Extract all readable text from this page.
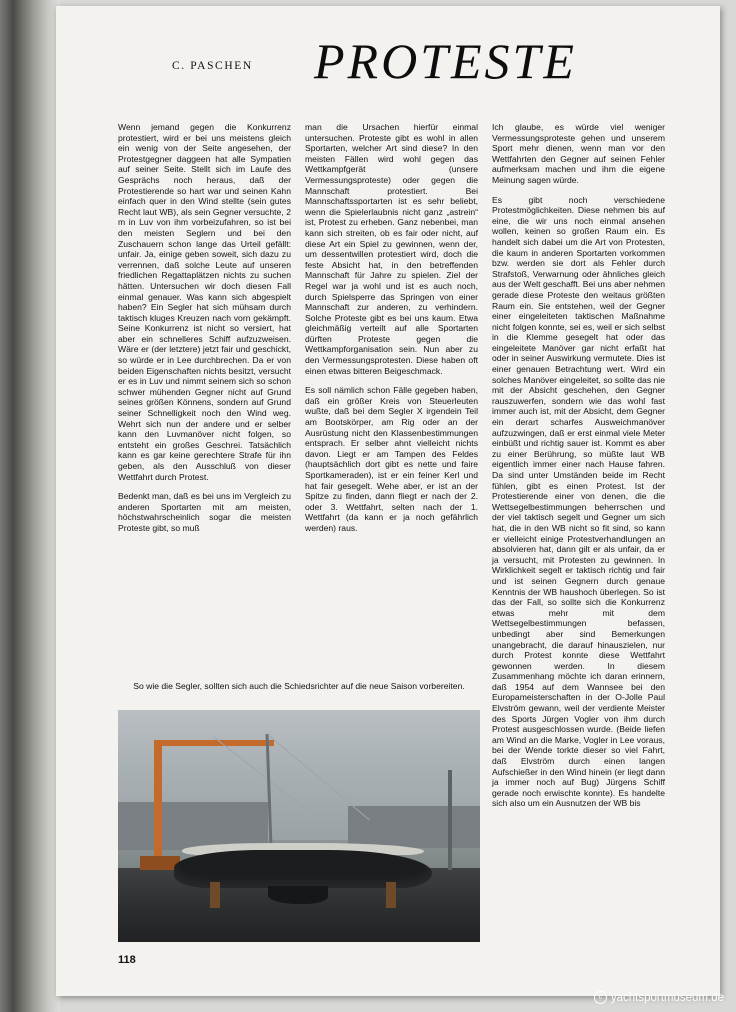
C. PASCHEN PROTESTE

Wenn jemand gegen die Konkurrenz protestiert, wird er bei uns meistens gleich ein wenig von der Seite angesehen, der Protestgegner daggeen hat alle Sympatien auf seiner Seite. Stellt sich im Laufe des Gesprächs noch heraus, daß der Protеstierende so hart war und seinen Kahn einfach quer in den Wind stellte (sein gutes Recht laut WB), als sein Gegner versuchte, 2 m in Luv von ihm vorbeizufahren, so ist bei den meisten Seglern und bei den Zuschauern schon lange das Urteil gefällt: unfair. Ja, einige geben soweit, sich dazu zu verrennen, daß solche Leute auf unseren friedlichen Regattaplätzen nichts zu suchen hätten. Untersuchen wir doch diesen Fall einmal genauer. Was kann sich abgespielt haben? Ein Segler hat sich mühsam durch taktisch kluges Kreuzen nach vorn gekämpft. Seine Konkurrenz ist nicht so versiert, hat aber ein schnelleres Schiff aufzuzweisen. Wäre er (der letztere) jetzt fair und geschickt, so würde er in Lee durchbrechen. Da er von beiden Eigenschaften nichts besitzt, versucht er es in Luv und nimmt seinem sich so schon schwer mühenden Gegner nicht auf Grund seines größen Könnens, sondern auf Grund seiner Schnelligkeit noch den Wind weg. Wehrt sich nun der andere und er selber kann den Luvmanöver nicht folgen, so entsteht ein großes Geschrei. Tatsächlich kann es gar keine gerechtere Strafe für ihn geben, als den Ausschluß von dieser Wettfahrt durch Protest.

Bedenkt man, daß es bei uns im Vergleich zu anderen Sportarten mit am meisten, höchstwahrscheinlich sogar die meisten Proteste gibt, so muß

man die Ursachen hierfür einmal untersuchen. Proteste gibt es wohl in allen Sportarten, welcher Art sind diese? In den meisten Fällen wird wohl gegen das Wettkampfgerät (unsere Vermessungsproteste) oder gegen die Mannschaft protestiert. Bei Mannschaftssportarten ist es sehr beliebt, wenn die Spielerlaubnis nicht ganz „astrein“ ist, Protest zu erheben. Ganz nebenbei, man kann sich streiten, ob es fair oder nicht, auf diese Art ein Spiel zu gewinnen, wenn der, um dessentwillen protestiert wird, doch die feste Absicht hat, in den betreffenden Mannschaft für Jahre zu spielen. Ziel der Regel war ja wohl und ist es auch noch, durch Spielsperre das Springen von einer Mannschaft zur anderen, zu verhindern. Solche Proteste gibt es bei uns kaum. Etwa gleichmäßig verteilt auf alle Sportarten dürften Proteste gegen die Wettkampforganisation sein. Nun aber zu den Vermessungsprotesten. Diese haben oft einen etwas bitteren Beigeschmack.

Es soll nämlich schon Fälle gegeben haben, daß ein größer Kreis von Steuerleuten wußte, daß bei dem Segler X irgendein Teil am Bootskörper, am Rig oder an der Ausrüstung nicht den Klassenbestimmungen entsprach. Er selber ahnt vielleicht nichts davon. Liegt er am Tampen des Feldes (hauptsächlich dort gibt es nette und faire Sportkameraden), ist er ein feiner Kerl und hat fair gesegelt. Wehe aber, er ist an der Spitze zu finden, dann fliegt er nach der 2. oder 3. Wettfahrt, selten nach der 1. Wettfahrt (da kann er ja noch gefährlich werden) raus.

Ich glaube, es würde viel weniger Vermessungsproteste gehen und unserem Sport mehr dienen, wenn man vor den Wettfahrten den Gegner auf seinen Fehler aufmerksam machen und ihm die eigene Meinung sagen würde.

Es gibt noch verschiedene Protestmöglichkeiten. Diese nehmen bis auf eine, die wir uns noch einmal ansehen wollen, keinen so großen Raum ein. Es handelt sich dabei um die Art von Protesten, die kaum in anderen Sportarten vorkommen bzw. werden sie dort als Fehler durch Strafstoß, Verwarnung oder ähnliches gleich aus der Welt geschafft. Bei uns aber nehmen gerade diese Proteste den weitaus größten Raum ein. Sie entstehen, weil der Gegner einer eingeleiteten taktischen Maßnahme nicht folgen konnte, sei es, weil er sich selbst in die Klemme gesegelt hat oder das eingeleitete Manöver gar nicht erfaßt hat oder in seiner Auswirkung vermutete. Dies ist einer genauen Betrachtung wert. Wird ein solches Manöver eingeleitet, so sollte das nie mit der Absicht geschehen, den Gegner rauszuwerfen, sondern wie das wohl fast immer auch ist, mit der Absicht, dem Gegner ein derart scharfes Ausweichmanöver aufzuzwingen, daß er erst einmal viele Meter einbüßt und richtig sauer ist. Kommt es aber zu einer Berührung, so müßte laut WB eigentlich immer einer nach Hause fahren. Da sind unter Umständen beide im Recht fühlen, gibt es einen Protest. Ist der Protestierende einer von denen, die die Wettsegelbestimmungen beherrschen und der viel taktisch segelt und Gegner um sich hat, die in den WB nicht so fit sind, so kann er vielleicht einige Protestverhandlungen an absolvieren hat, dann gilt er als unfair, da er ja versucht, mit Protesten zu gewinnen. In Wirklichkeit segelt er taktisch richtig und fair und ist seinen Gegnern durch genaue Kenntnis der WB haushoch überlegen. So ist das der Fall, so sollte sich die Konkurrenz etwas mehr mit dem Wettsegelbestimmungen befassen, unbedingt aber sind Bemerkungen unangebracht, die darauf hinauszielen, nur durch Protest konnte diese Wettfahrt gewonnen werden. In diesem Zusammenhang möchte ich daran erinnern, daß 1954 auf dem Wannsee bei den Europameisterschaften in der O-Jolle Paul Elvström gewann, weil der verdiente Meister des Sports Jürgen Vogler von ihm durch Protest ausgeschlossen wurde. (Beide liefen am Wind an die Marke, Vogler in Lee voraus, bei der Wende torkte dieser so viel Fahrt, daß Elvström durch einen langen Aufschießer in den Wind hinein (er liegt dann ja immer noch auf Bug) Jürgens Schiff gerade noch erwischte konnte). Es handelte sich also um ein Ausnutzen der WB bis

So wie die Segler, sollten sich auch die Schiedsrichter auf die neue Saison vorbereiten.
118
c yachtsportmuseum.de
